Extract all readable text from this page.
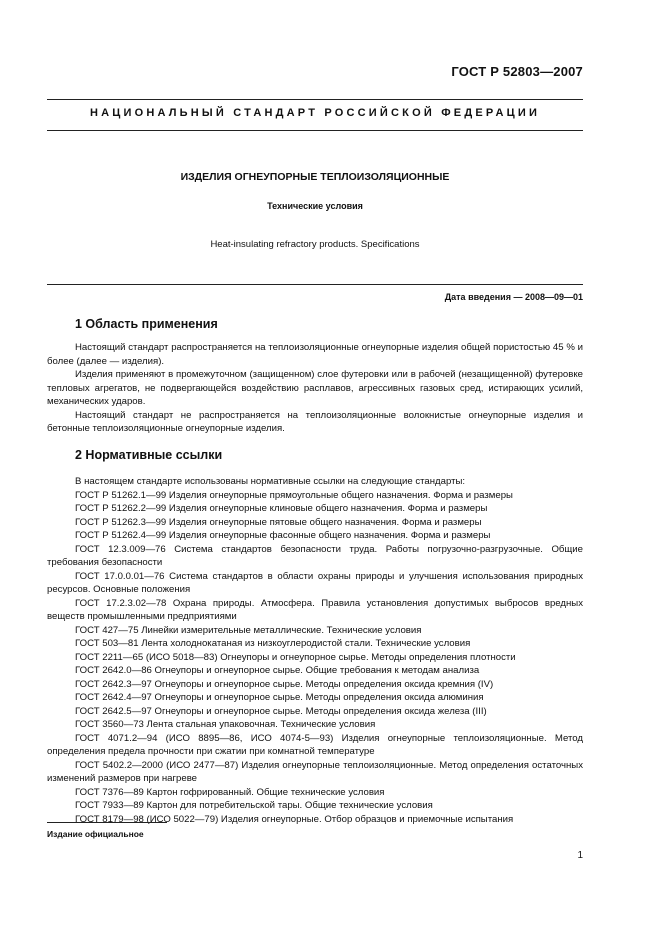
ГОСТ Р 52803—2007
НАЦИОНАЛЬНЫЙ СТАНДАРТ РОССИЙСКОЙ ФЕДЕРАЦИИ
ИЗДЕЛИЯ ОГНЕУПОРНЫЕ ТЕПЛОИЗОЛЯЦИОННЫЕ
Технические условия
Heat-insulating refractory products. Specifications
Дата введения — 2008—09—01
1 Область применения

Настоящий стандарт распространяется на теплоизоляционные огнеупорные изделия общей пористостью 45 % и более (далее — изделия).

Изделия применяют в промежуточном (защищенном) слое футеровки или в рабочей (незащищенной) футеровке тепловых агрегатов, не подвергающейся воздействию расплавов, агрессивных газовых сред, истирающих усилий, механических ударов.

Настоящий стандарт не распространяется на теплоизоляционные волокнистые огнеупорные изделия и бетонные теплоизоляционные огнеупорные изделия.

2 Нормативные ссылки

В настоящем стандарте использованы нормативные ссылки на следующие стандарты:

ГОСТ Р 51262.1—99 Изделия огнеупорные прямоугольные общего назначения. Форма и размеры

ГОСТ Р 51262.2—99 Изделия огнеупорные клиновые общего назначения. Форма и размеры

ГОСТ Р 51262.3—99 Изделия огнеупорные пятовые общего назначения. Форма и размеры

ГОСТ Р 51262.4—99 Изделия огнеупорные фасонные общего назначения. Форма и размеры

ГОСТ 12.3.009—76 Система стандартов безопасности труда. Работы погрузочно-разгрузочные. Общие требования безопасности

ГОСТ 17.0.0.01—76 Система стандартов в области охраны природы и улучшения использования природных ресурсов. Основные положения

ГОСТ 17.2.3.02—78 Охрана природы. Атмосфера. Правила установления допустимых выбросов вредных веществ промышленными предприятиями

ГОСТ 427—75 Линейки измерительные металлические. Технические условия

ГОСТ 503—81 Лента холоднокатаная из низкоуглеродистой стали. Технические условия

ГОСТ 2211—65 (ИСО 5018—83) Огнеупоры и огнеупорное сырье. Методы определения плотности

ГОСТ 2642.0—86 Огнеупоры и огнеупорное сырье. Общие требования к методам анализа

ГОСТ 2642.3—97 Огнеупоры и огнеупорное сырье. Методы определения оксида кремния (IV)

ГОСТ 2642.4—97 Огнеупоры и огнеупорное сырье. Методы определения оксида алюминия

ГОСТ 2642.5—97 Огнеупоры и огнеупорное сырье. Методы определения оксида железа (III)

ГОСТ 3560—73 Лента стальная упаковочная. Технические условия

ГОСТ 4071.2—94 (ИСО 8895—86, ИСО 4074-5—93) Изделия огнеупорные теплоизоляционные. Метод определения предела прочности при сжатии при комнатной температуре

ГОСТ 5402.2—2000 (ИСО 2477—87) Изделия огнеупорные теплоизоляционные. Метод определения остаточных изменений размеров при нагреве

ГОСТ 7376—89 Картон гофрированный. Общие технические условия

ГОСТ 7933—89 Картон для потребительской тары. Общие технические условия

ГОСТ 8179—98 (ИСО 5022—79) Изделия огнеупорные. Отбор образцов и приемочные испытания

Издание официальное
1
